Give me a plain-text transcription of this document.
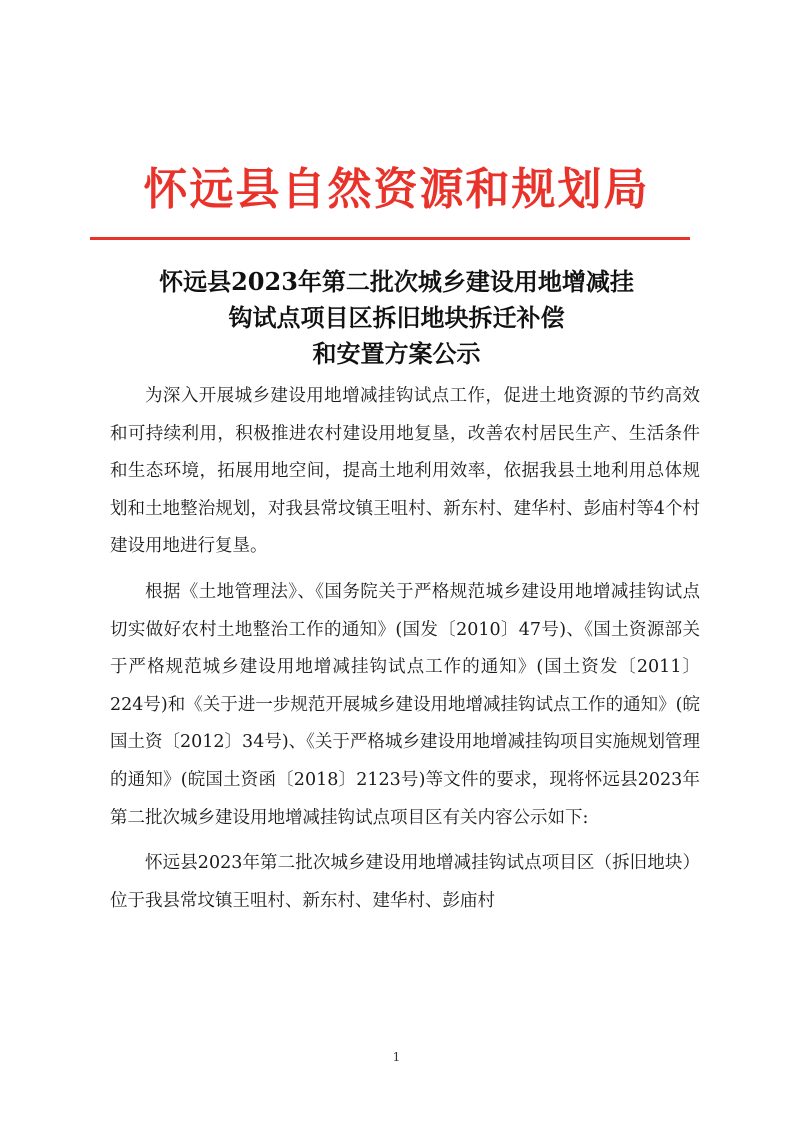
怀远县自然资源和规划局
怀远县2023年第二批次城乡建设用地增减挂
钩试点项目区拆旧地块拆迁补偿
和安置方案公示

为深入开展城乡建设用地增减挂钩试点工作，促进土地资源的节约高效和可持续利用，积极推进农村建设用地复垦，改善农村居民生产、生活条件和生态环境，拓展用地空间，提高土地利用效率，依据我县土地利用总体规划和土地整治规划，对我县常坟镇王咀村、新东村、建华村、彭庙村等4个村建设用地进行复垦。

根据《土地管理法》、《国务院关于严格规范城乡建设用地增减挂钩试点切实做好农村土地整治工作的通知》(国发〔2010〕47号)、《国土资源部关于严格规范城乡建设用地增减挂钩试点工作的通知》(国土资发〔2011〕224号)和《关于进一步规范开展城乡建设用地增减挂钩试点工作的通知》(皖国土资〔2012〕34号)、《关于严格城乡建设用地增减挂钩项目实施规划管理的通知》(皖国土资函〔2018〕2123号)等文件的要求，现将怀远县2023年第二批次城乡建设用地增减挂钩试点项目区有关内容公示如下:

怀远县2023年第二批次城乡建设用地增减挂钩试点项目区（拆旧地块）位于我县常坟镇王咀村、新东村、建华村、彭庙村

1
